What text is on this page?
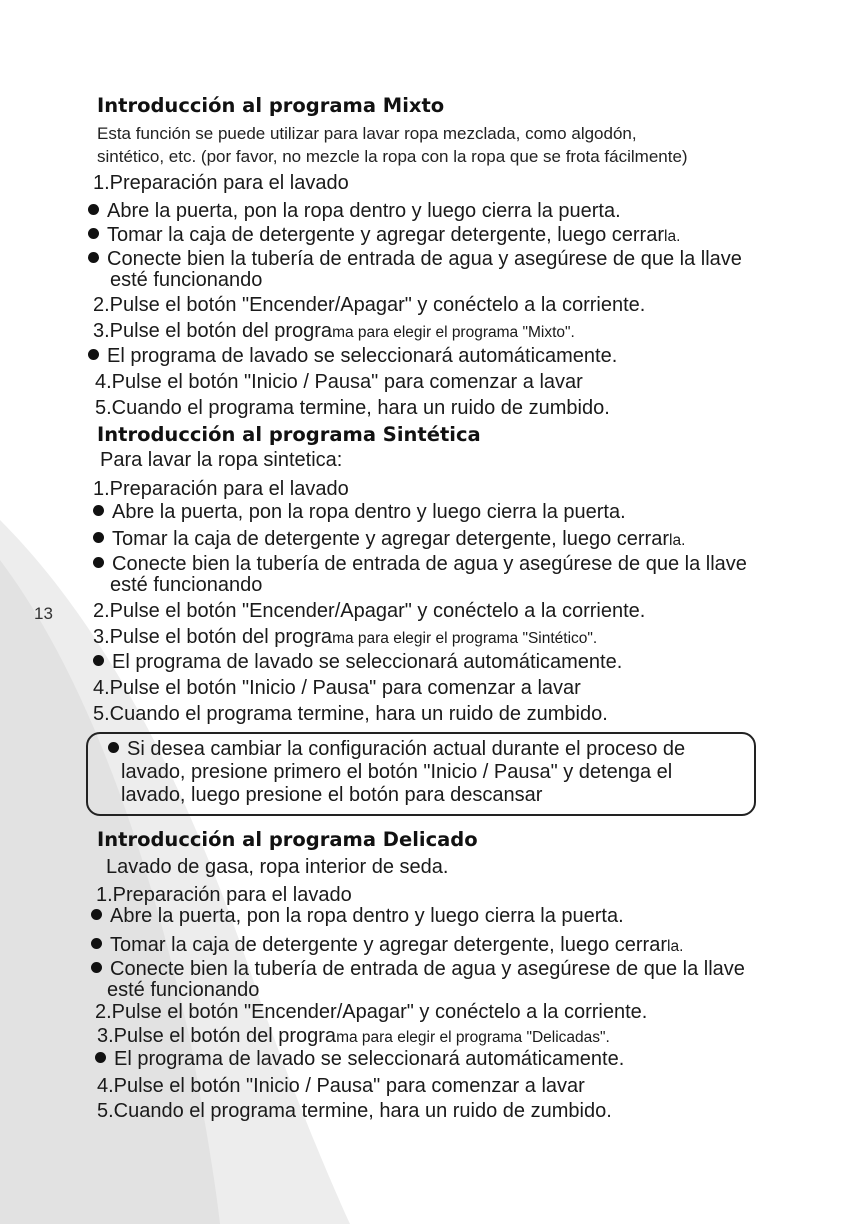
13
Introducción al programa Mixto
Esta función se puede utilizar para lavar ropa mezclada, como algodón,
sintético, etc. (por favor, no mezcle la ropa con la ropa que se frota fácilmente)
1.Preparación para el lavado
Abre la puerta, pon la ropa dentro y luego cierra la puerta.
Tomar la caja de detergente y agregar detergente, luego cerrarla.
Conecte bien la tubería de entrada de agua y asegúrese de que la llave
esté funcionando
2.Pulse el botón "Encender/Apagar" y conéctelo a la corriente.
3.Pulse el botón del programa para elegir el programa "Mixto".
El programa de lavado se seleccionará automáticamente.
4.Pulse el botón "Inicio / Pausa" para comenzar a lavar
5.Cuando el programa termine, hara un ruido de zumbido.
Introducción al programa Sintética
Para lavar la ropa sintetica:
1.Preparación para el lavado
Abre la puerta, pon la ropa dentro y luego cierra la puerta.
Tomar la caja de detergente y agregar detergente, luego cerrarla.
Conecte bien la tubería de entrada de agua y asegúrese de que la llave
esté funcionando
2.Pulse el botón "Encender/Apagar" y conéctelo a la corriente.
3.Pulse el botón del programa para elegir el programa "Sintético".
El programa de lavado se seleccionará automáticamente.
4.Pulse el botón "Inicio / Pausa" para comenzar a lavar
5.Cuando el programa termine, hara un ruido de zumbido.
Si desea cambiar la configuración actual durante el proceso de
lavado, presione primero el botón "Inicio / Pausa" y detenga el
lavado, luego presione el botón para descansar
Introducción al programa Delicado
Lavado de gasa, ropa interior de seda.
1.Preparación para el lavado
Abre la puerta, pon la ropa dentro y luego cierra la puerta.
Tomar la caja de detergente y agregar detergente, luego cerrarla.
Conecte bien la tubería de entrada de agua y asegúrese de que la llave
esté funcionando
2.Pulse el botón "Encender/Apagar" y conéctelo a la corriente.
3.Pulse el botón del programa para elegir el programa "Delicadas".
El programa de lavado se seleccionará automáticamente.
4.Pulse el botón "Inicio / Pausa" para comenzar a lavar
5.Cuando el programa termine, hara un ruido de zumbido.
